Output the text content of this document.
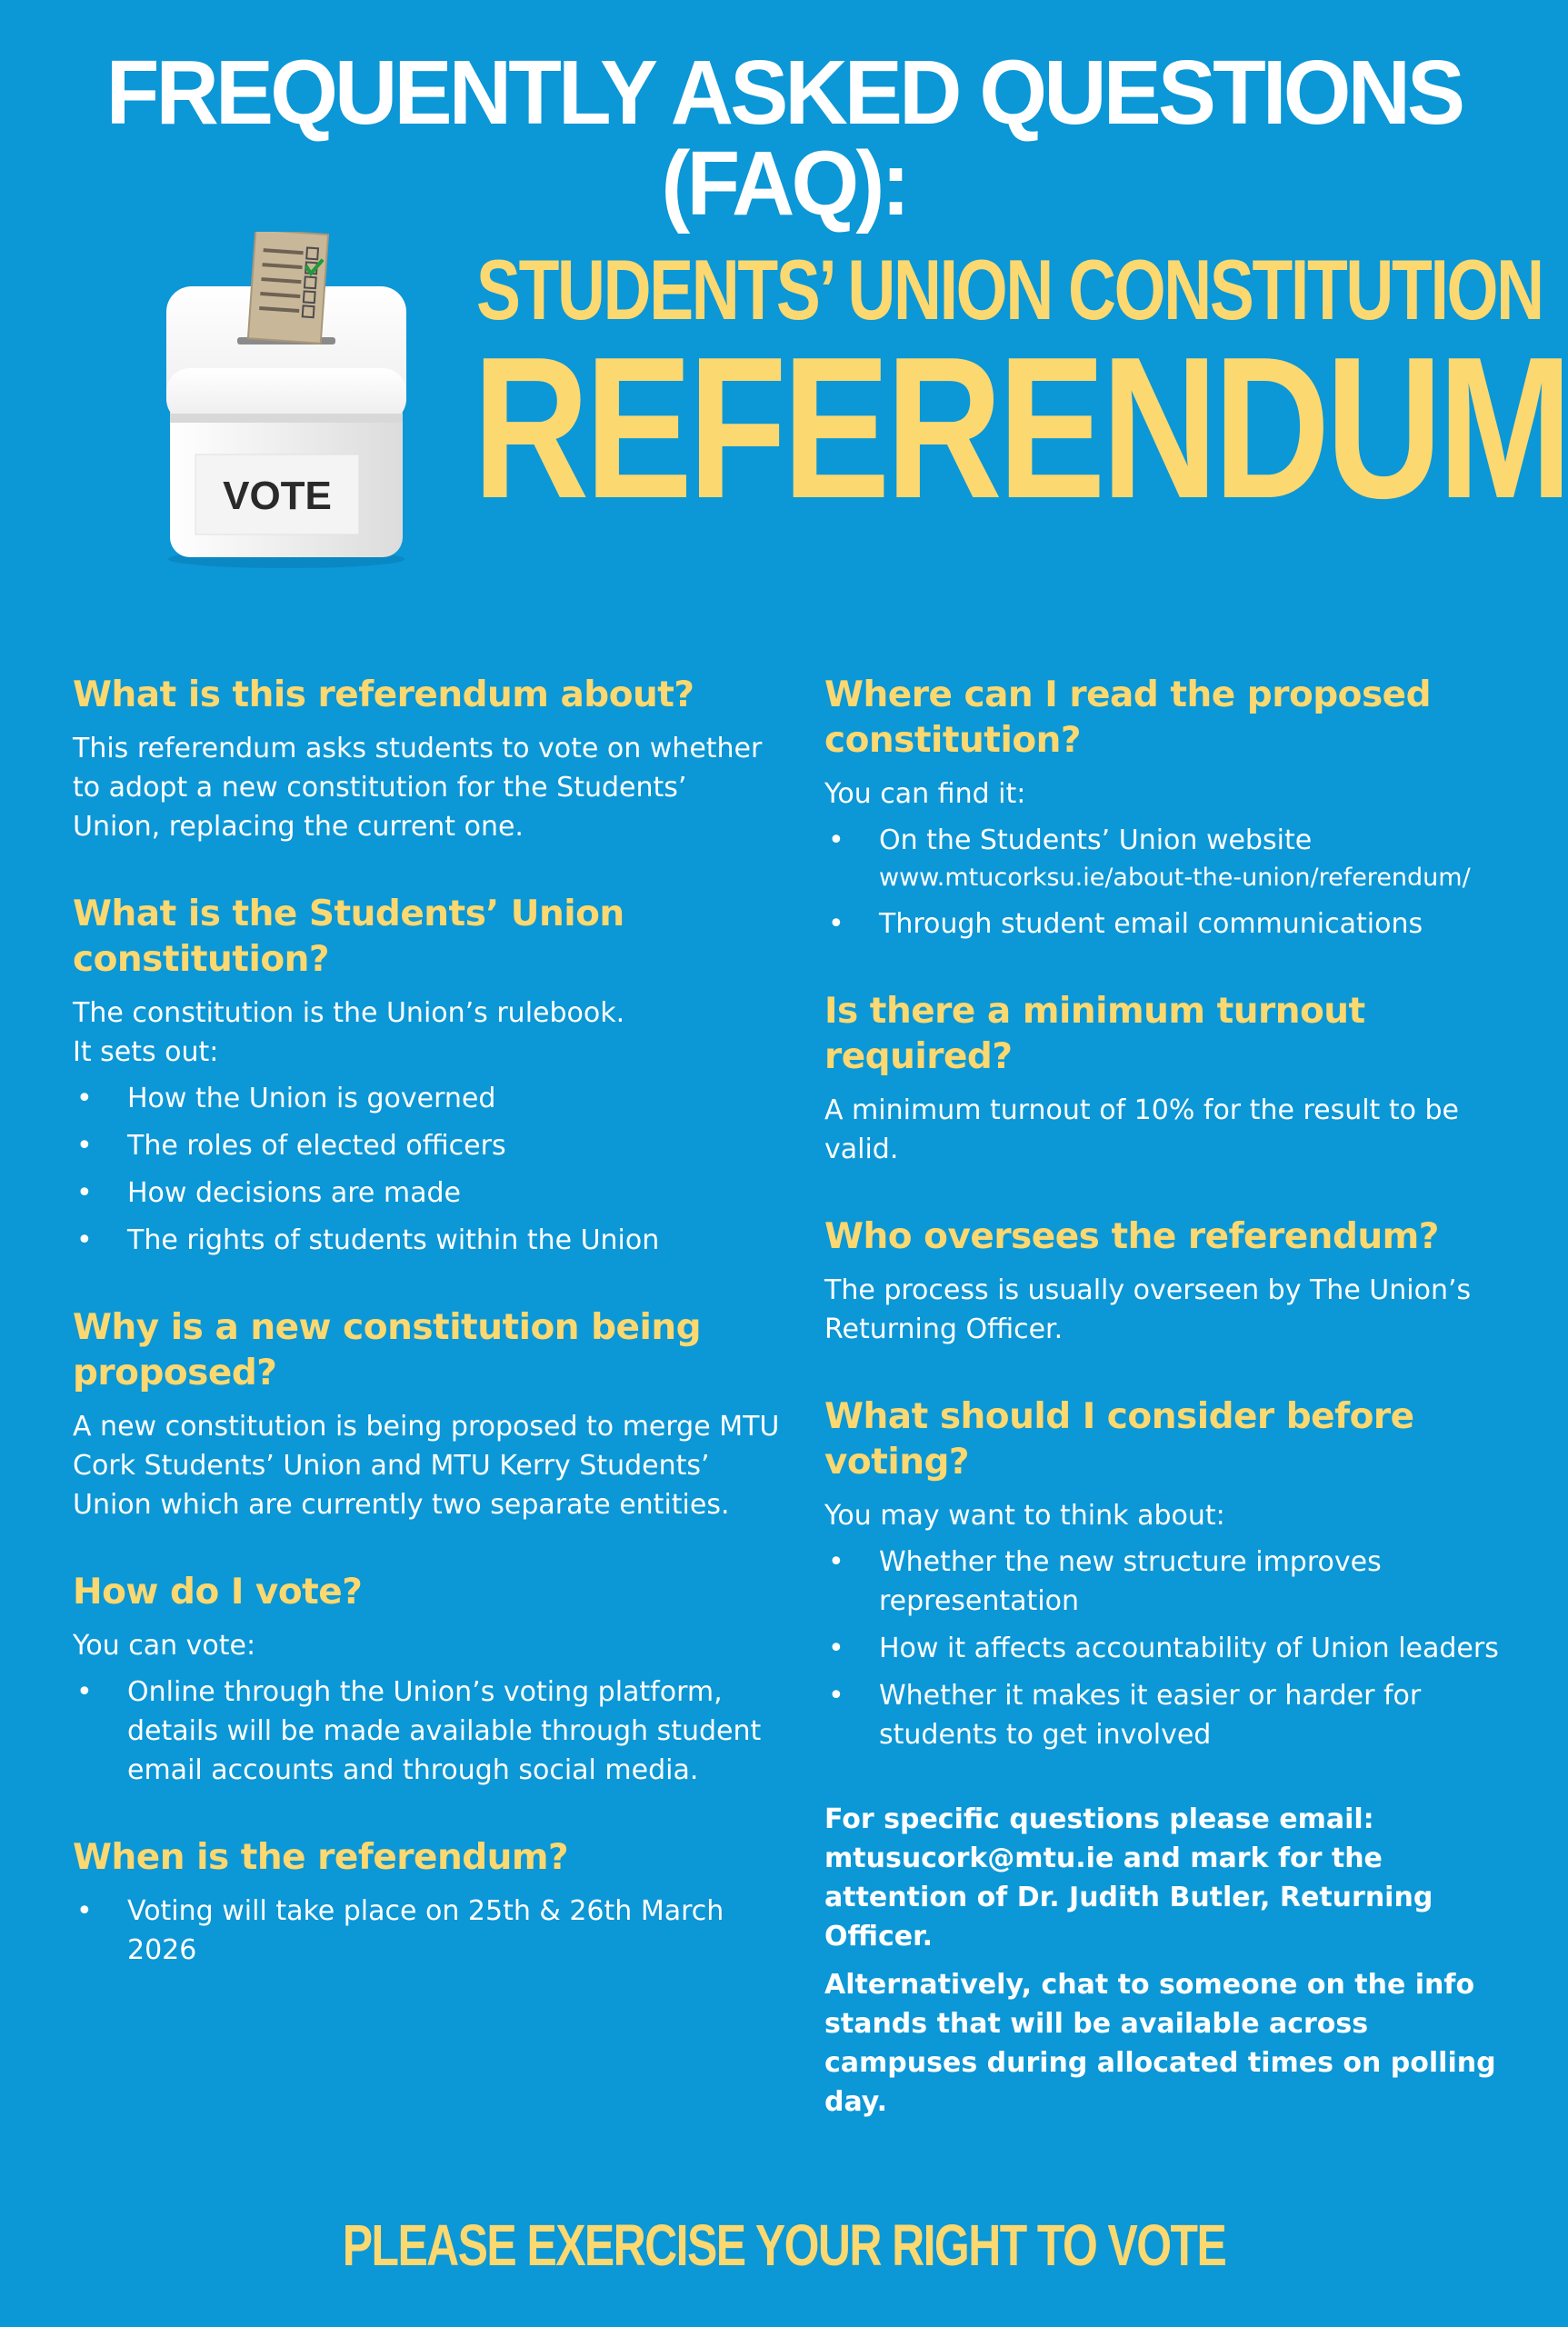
FREQUENTLY ASKED QUESTIONS (FAQ):
VOTE
STUDENTS’ UNION CONSTITUTION
REFERENDUM
What is this referendum about?

This referendum asks students to vote on whether to adopt a new constitution for the Students’ Union, replacing the current one.

What is the Students’ Union constitution?

The constitution is the Union’s rulebook.

It sets out:

• How the Union is governed
• The roles of elected officers
• How decisions are made
• The rights of students within the Union
Why is a new constitution being proposed?

A new constitution is being proposed to merge MTU Cork Students’ Union and MTU Kerry Students’ Union which are currently two separate entities.

How do I vote?

You can vote:

• Online through the Union’s voting platform, details will be made available through student email accounts and through social media.
When is the referendum?
• Voting will take place on 25th & 26th March 2026
Where can I read the proposed constitution?

You can find it:

• On the Students’ Union website
www.mtucorksu.ie/about-the-union/referendum/
• Through student email communications
Is there a minimum turnout required?

A minimum turnout of 10% for the result to be valid.

Who oversees the referendum?

The process is usually overseen by The Union’s Returning Officer.

What should I consider before voting?

You may want to think about:

• Whether the new structure improves representation
• How it affects accountability of Union leaders
• Whether it makes it easier or harder for students to get involved

For specific questions please email: mtusucork@mtu.ie and mark for the attention of Dr. Judith Butler, Returning Officer.

Alternatively, chat to someone on the info stands that will be available across campuses during allocated times on polling day.

PLEASE EXERCISE YOUR RIGHT TO VOTE
